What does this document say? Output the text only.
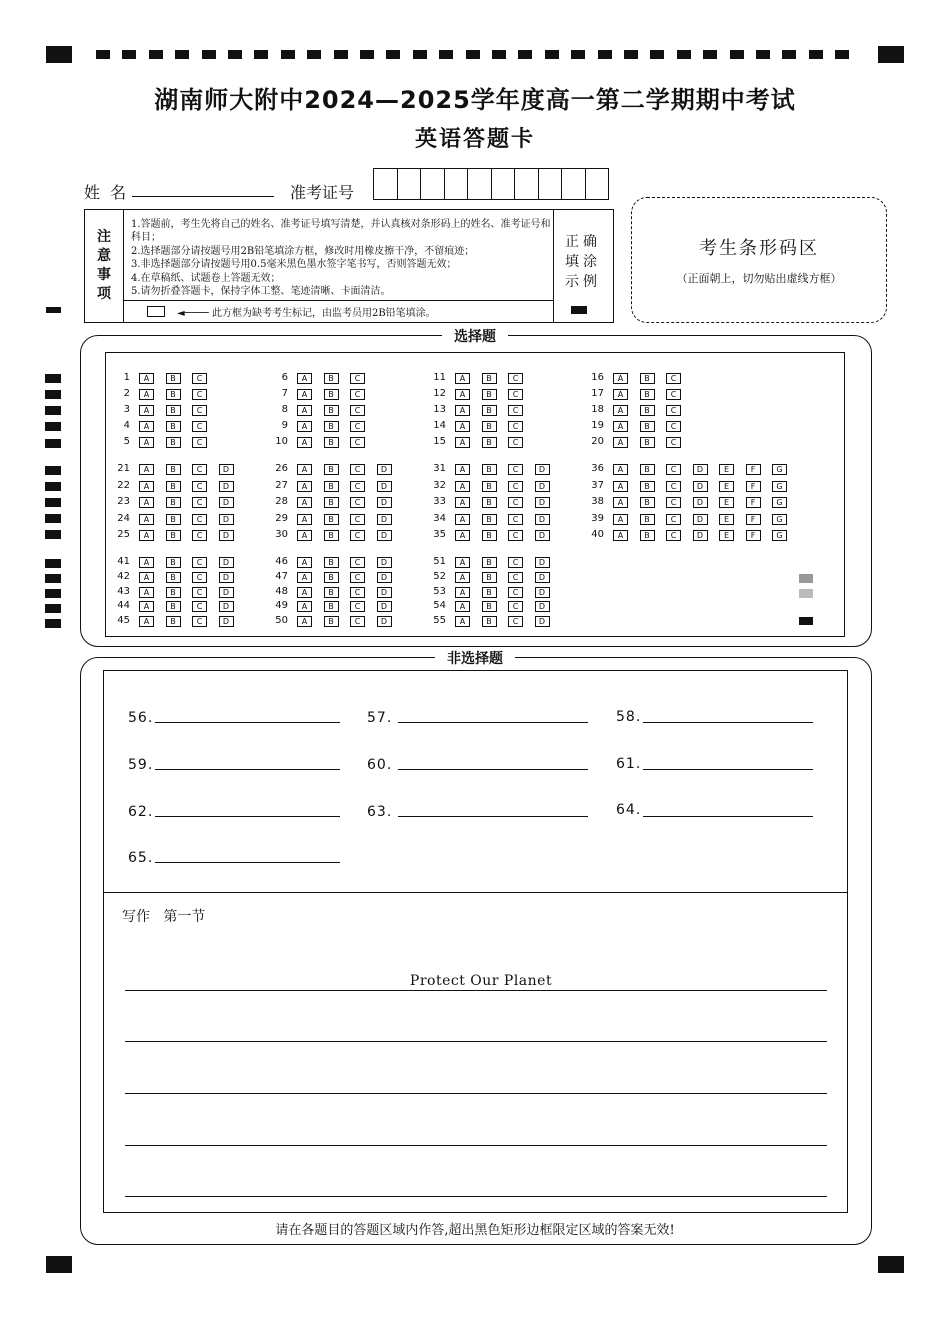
湖南师大附中2024—2025学年度高一第二学期期中考试
英语答题卡
姓  名	准考证号
注意事项
1.答题前，考生先将自己的姓名、准考证号填写清楚，并认真核对条形码上的姓名、准考证号和科目；
2.选择题部分请按题号用2B铅笔填涂方框，修改时用橡皮擦干净，不留痕迹；
3.非选择题部分请按题号用0.5毫米黑色墨水签字笔书写，否则答题无效；
4.在草稿纸、试题卷上答题无效；
5.请勿折叠答题卡，保持字体工整、笔迹清晰、卡面清洁。
◄──── 此方框为缺考考生标记，由监考员用2B铅笔填涂。
正确填涂示例
考生条形码区
（正面朝上，切勿贴出虚线方框）
选择题
1	A	B	C
2	A	B	C
3	A	B	C
4	A	B	C
5	A	B	C
6	A	B	C
7	A	B	C
8	A	B	C
9	A	B	C
10	A	B	C
11	A	B	C
12	A	B	C
13	A	B	C
14	A	B	C
15	A	B	C
16	A	B	C
17	A	B	C
18	A	B	C
19	A	B	C
20	A	B	C
21	A	B	C	D
22	A	B	C	D
23	A	B	C	D
24	A	B	C	D
25	A	B	C	D
26	A	B	C	D
27	A	B	C	D
28	A	B	C	D
29	A	B	C	D
30	A	B	C	D
31	A	B	C	D
32	A	B	C	D
33	A	B	C	D
34	A	B	C	D
35	A	B	C	D
36	A	B	C	D	E	F	G
37	A	B	C	D	E	F	G
38	A	B	C	D	E	F	G
39	A	B	C	D	E	F	G
40	A	B	C	D	E	F	G
41	A	B	C	D
42	A	B	C	D
43	A	B	C	D
44	A	B	C	D
45	A	B	C	D
46	A	B	C	D
47	A	B	C	D
48	A	B	C	D
49	A	B	C	D
50	A	B	C	D
51	A	B	C	D
52	A	B	C	D
53	A	B	C	D
54	A	B	C	D
55	A	B	C	D
非选择题
56.	57.	58.
59.	60.	61.
62.	63.	64.
65.
写作   第一节
Protect Our Planet
请在各题目的答题区域内作答,超出黑色矩形边框限定区域的答案无效!
